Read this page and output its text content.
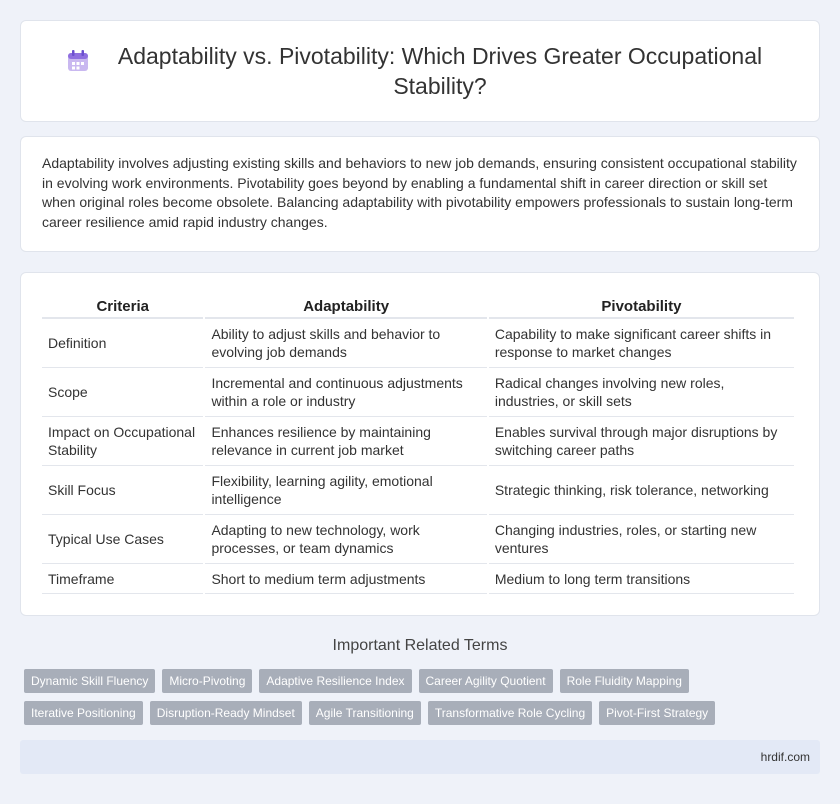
Adaptability vs. Pivotability: Which Drives Greater Occupational Stability?

Adaptability involves adjusting existing skills and behaviors to new job demands, ensuring consistent occupational stability in evolving work environments. Pivotability goes beyond by enabling a fundamental shift in career direction or skill set when original roles become obsolete. Balancing adaptability with pivotability empowers professionals to sustain long-term career resilience amid rapid industry changes.

Criteria	Adaptability	Pivotability
Definition	Ability to adjust skills and behavior to evolving job demands	Capability to make significant career shifts in response to market changes
Scope	Incremental and continuous adjustments within a role or industry	Radical changes involving new roles, industries, or skill sets
Impact on Occupational Stability	Enhances resilience by maintaining relevance in current job market	Enables survival through major disruptions by switching career paths
Skill Focus	Flexibility, learning agility, emotional intelligence	Strategic thinking, risk tolerance, networking
Typical Use Cases	Adapting to new technology, work processes, or team dynamics	Changing industries, roles, or starting new ventures
Timeframe	Short to medium term adjustments	Medium to long term transitions
Important Related Terms
Dynamic Skill Fluency	Micro-Pivoting	Adaptive Resilience Index	Career Agility Quotient	Role Fluidity Mapping
Iterative Positioning	Disruption-Ready Mindset	Agile Transitioning	Transformative Role Cycling	Pivot-First Strategy
hrdif.com
